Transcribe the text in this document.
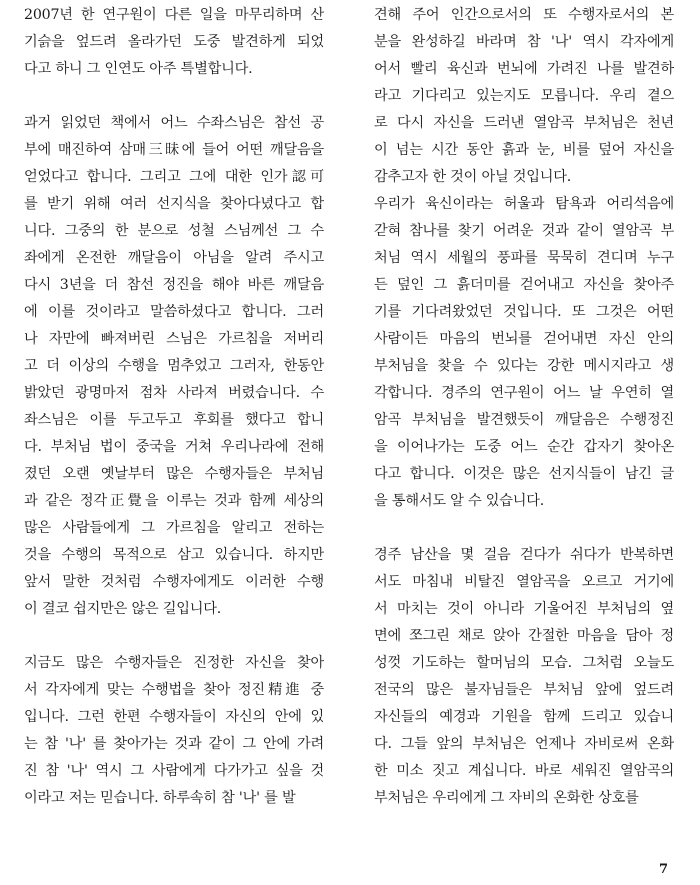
2007년 한 연구원이 다른 일을 마무리하며 산
기슭을 엎드려 올라가던 도중 발견하게 되었
다고 하니 그 인연도 아주 특별합니다.
과거 읽었던 책에서 어느 수좌스님은 참선 공
부에 매진하여 삼매三昧에 들어 어떤 깨달음을
얻었다고 합니다. 그리고 그에 대한 인가認可
를 받기 위해 여러 선지식을 찾아다녔다고 합
니다. 그중의 한 분으로 성철 스님께선 그 수
좌에게 온전한 깨달음이 아님을 알려 주시고
다시 3년을 더 참선 정진을 해야 바른 깨달음
에 이를 것이라고 말씀하셨다고 합니다. 그러
나 자만에 빠져버린 스님은 가르침을 저버리
고 더 이상의 수행을 멈추었고 그러자, 한동안
밝았던 광명마저 점차 사라져 버렸습니다. 수
좌스님은 이를 두고두고 후회를 했다고 합니
다. 부처님 법이 중국을 거쳐 우리나라에 전해
졌던 오랜 옛날부터 많은 수행자들은 부처님
과 같은 정각正覺을 이루는 것과 함께 세상의
많은 사람들에게 그 가르침을 알리고 전하는
것을 수행의 목적으로 삼고 있습니다. 하지만
앞서 말한 것처럼 수행자에게도 이러한 수행
이 결코 쉽지만은 않은 길입니다.
지금도 많은 수행자들은 진정한 자신을 찾아
서 각자에게 맞는 수행법을 찾아 정진精進 중
입니다. 그런 한편 수행자들이 자신의 안에 있
는 참 '나' 를 찾아가는 것과 같이 그 안에 가려
진 참 '나' 역시 그 사람에게 다가가고 싶을 것
이라고 저는 믿습니다. 하루속히 참 '나' 를 발
견해 주어 인간으로서의 또 수행자로서의 본
분을 완성하길 바라며 참 '나' 역시 각자에게
어서 빨리 육신과 번뇌에 가려진 나를 발견하
라고 기다리고 있는지도 모릅니다. 우리 곁으
로 다시 자신을 드러낸 열암곡 부처님은 천년
이 넘는 시간 동안 흙과 눈, 비를 덮어 자신을
감추고자 한 것이 아닐 것입니다.
우리가 육신이라는 허울과 탐욕과 어리석음에
갇혀 참나를 찾기 어려운 것과 같이 열암곡 부
처님 역시 세월의 풍파를 묵묵히 견디며 누구
든 덮인 그 흙더미를 걷어내고 자신을 찾아주
기를 기다려왔었던 것입니다. 또 그것은 어떤
사람이든 마음의 번뇌를 걷어내면 자신 안의
부처님을 찾을 수 있다는 강한 메시지라고 생
각합니다. 경주의 연구원이 어느 날 우연히 열
암곡 부처님을 발견했듯이 깨달음은 수행정진
을 이어나가는 도중 어느 순간 갑자기 찾아온
다고 합니다. 이것은 많은 선지식들이 남긴 글
을 통해서도 알 수 있습니다.
경주 남산을 몇 걸음 걷다가 쉬다가 반복하면
서도 마침내 비탈진 열암곡을 오르고 거기에
서 마치는 것이 아니라 기울어진 부처님의 옆
면에 쪼그린 채로 앉아 간절한 마음을 담아 정
성껏 기도하는 할머님의 모습. 그처럼 오늘도
전국의 많은 불자님들은 부처님 앞에 엎드려
자신들의 예경과 기원을 함께 드리고 있습니
다. 그들 앞의 부처님은 언제나 자비로써 온화
한 미소 짓고 계십니다. 바로 세워진 열암곡의
부처님은 우리에게 그 자비의 온화한 상호를
7
